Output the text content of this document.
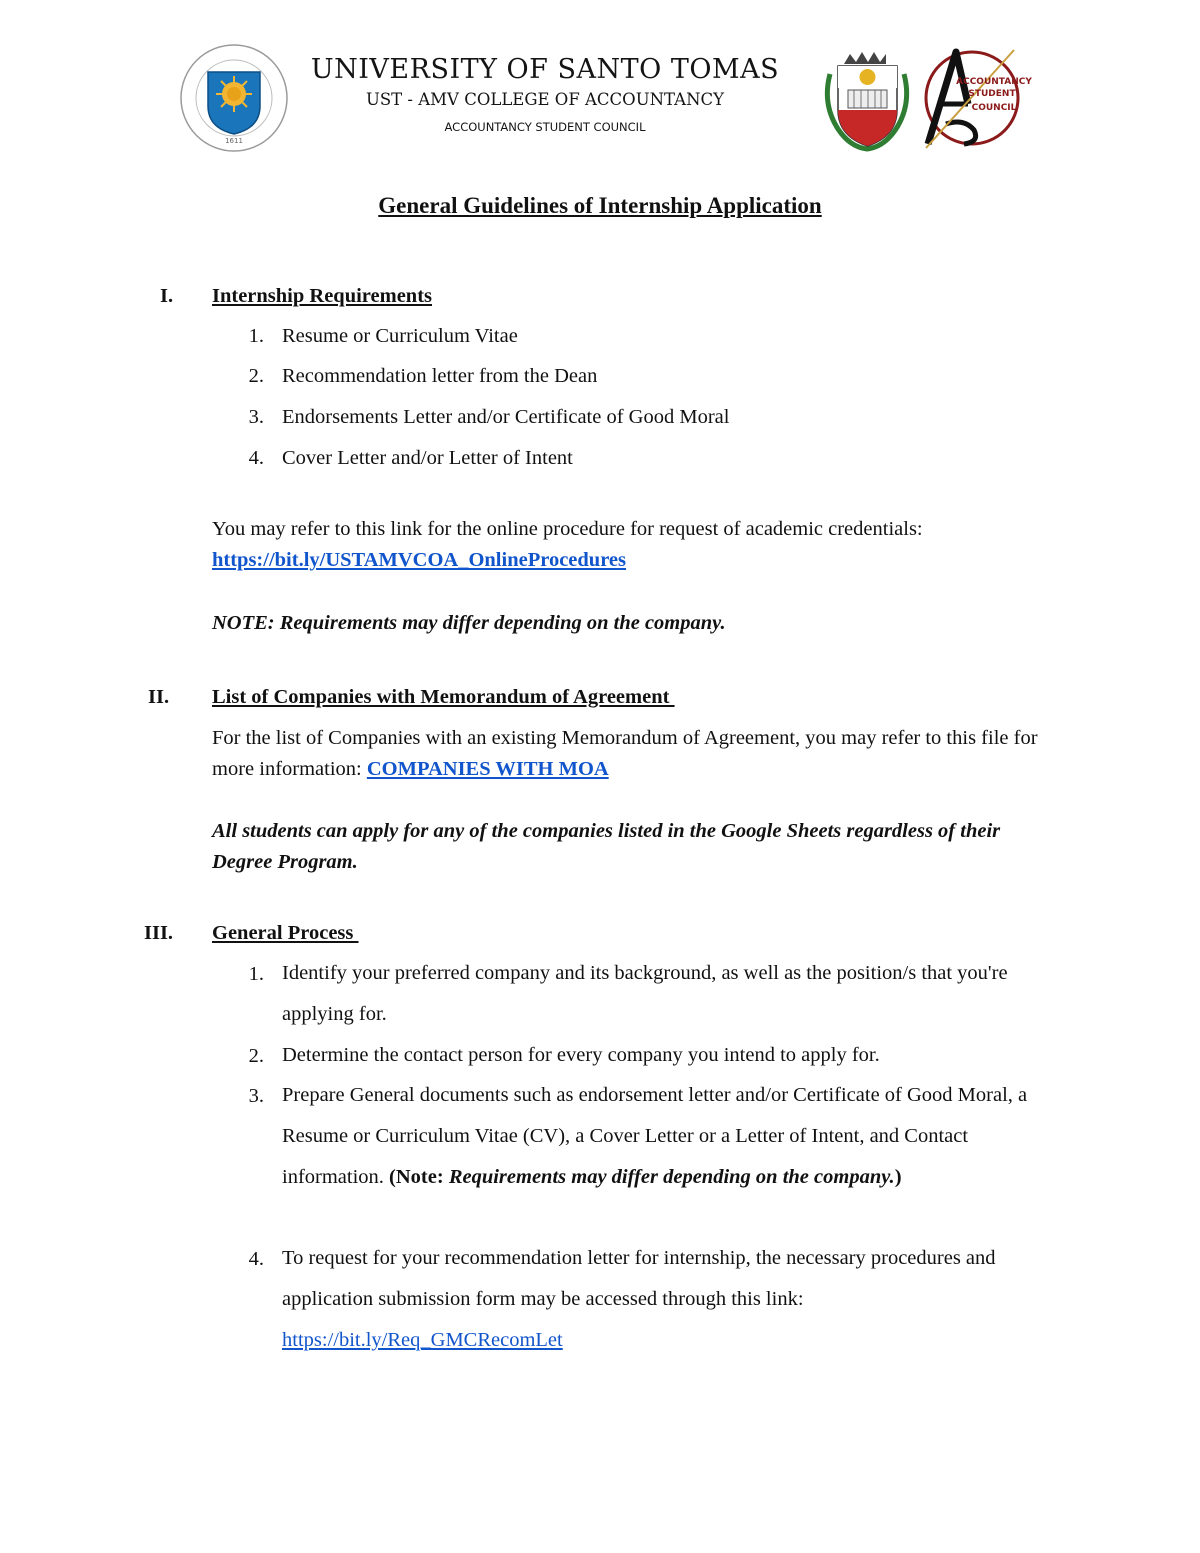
1611
UNIVERSITY OF SANTO TOMAS
UST - AMV COLLEGE OF ACCOUNTANCY
ACCOUNTANCY STUDENT COUNCIL
ACCOUNTANCY
STUDENT
COUNCIL
General Guidelines of Internship Application
I. Internship Requirements
1. Resume or Curriculum Vitae
2. Recommendation letter from the Dean
3. Endorsements Letter and/or Certificate of Good Moral
4. Cover Letter and/or Letter of Intent
You may refer to this link for the online procedure for request of academic credentials:
https://bit.ly/USTAMVCOA_OnlineProcedures
NOTE: Requirements may differ depending on the company.
II. List of Companies with Memorandum of Agreement
For the list of Companies with an existing Memorandum of Agreement, you may refer to this file for more information: COMPANIES WITH MOA
All students can apply for any of the companies listed in the Google Sheets regardless of their Degree Program.
III. General Process
1. Identify your preferred company and its background, as well as the position/s that you're applying for.
2. Determine the contact person for every company you intend to apply for.
3. Prepare General documents such as endorsement letter and/or Certificate of Good Moral, a Resume or Curriculum Vitae (CV), a Cover Letter or a Letter of Intent, and Contact information. (Note: Requirements may differ depending on the company.)
4. To request for your recommendation letter for internship, the necessary procedures and application submission form may be accessed through this link: https://bit.ly/Req_GMCRecomLet
